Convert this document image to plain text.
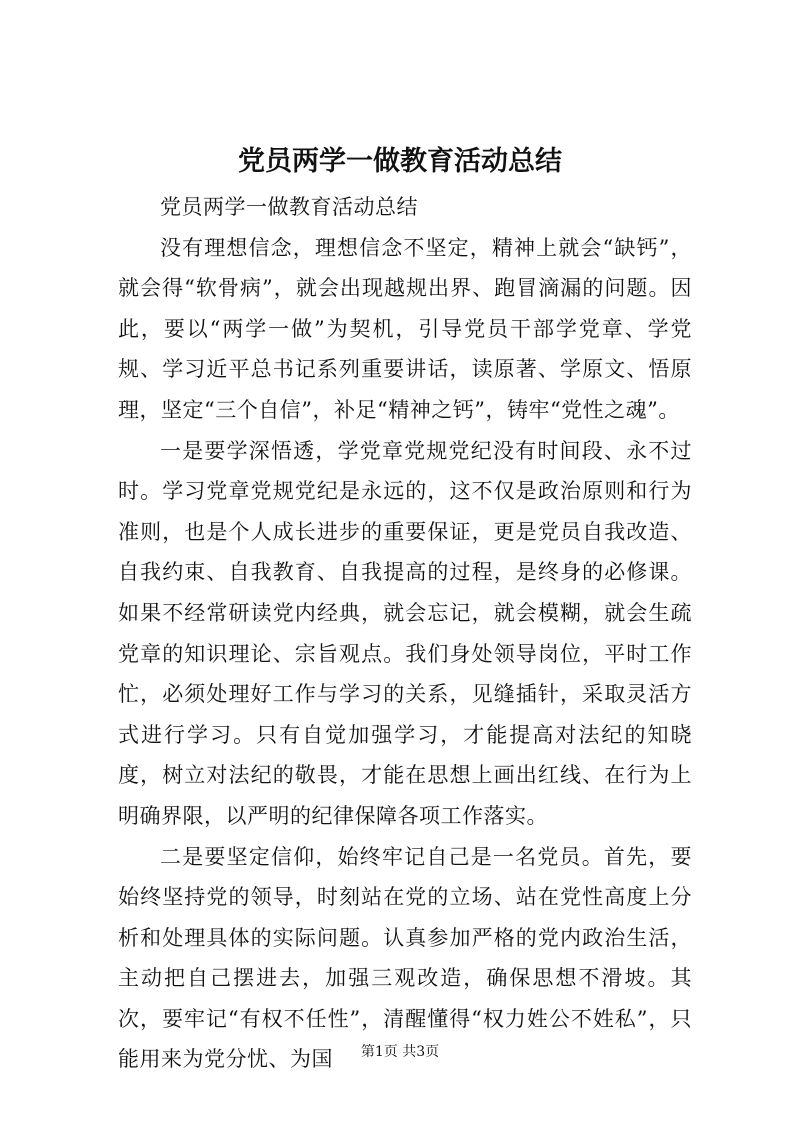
党员两学一做教育活动总结

党员两学一做教育活动总结

没有理想信念，理想信念不坚定，精神上就会“缺钙”，就会得“软骨病”，就会出现越规出界、跑冒滴漏的问题。因此，要以“两学一做”为契机，引导党员干部学党章、学党规、学习近平总书记系列重要讲话，读原著、学原文、悟原理，坚定“三个自信”，补足“精神之钙”，铸牢“党性之魂”。

一是要学深悟透，学党章党规党纪没有时间段、永不过时。学习党章党规党纪是永远的，这不仅是政治原则和行为准则，也是个人成长进步的重要保证，更是党员自我改造、自我约束、自我教育、自我提高的过程，是终身的必修课。如果不经常研读党内经典，就会忘记，就会模糊，就会生疏党章的知识理论、宗旨观点。我们身处领导岗位，平时工作忙，必须处理好工作与学习的关系，见缝插针，采取灵活方式进行学习。只有自觉加强学习，才能提高对法纪的知晓度，树立对法纪的敬畏，才能在思想上画出红线、在行为上明确界限，以严明的纪律保障各项工作落实。

二是要坚定信仰，始终牢记自己是一名党员。首先，要始终坚持党的领导，时刻站在党的立场、站在党性高度上分析和处理具体的实际问题。认真参加严格的党内政治生活，主动把自己摆进去，加强三观改造，确保思想不滑坡。其次，要牢记“有权不任性”，清醒懂得“权力姓公不姓私”，只能用来为党分忧、为国	第1页 共3页
